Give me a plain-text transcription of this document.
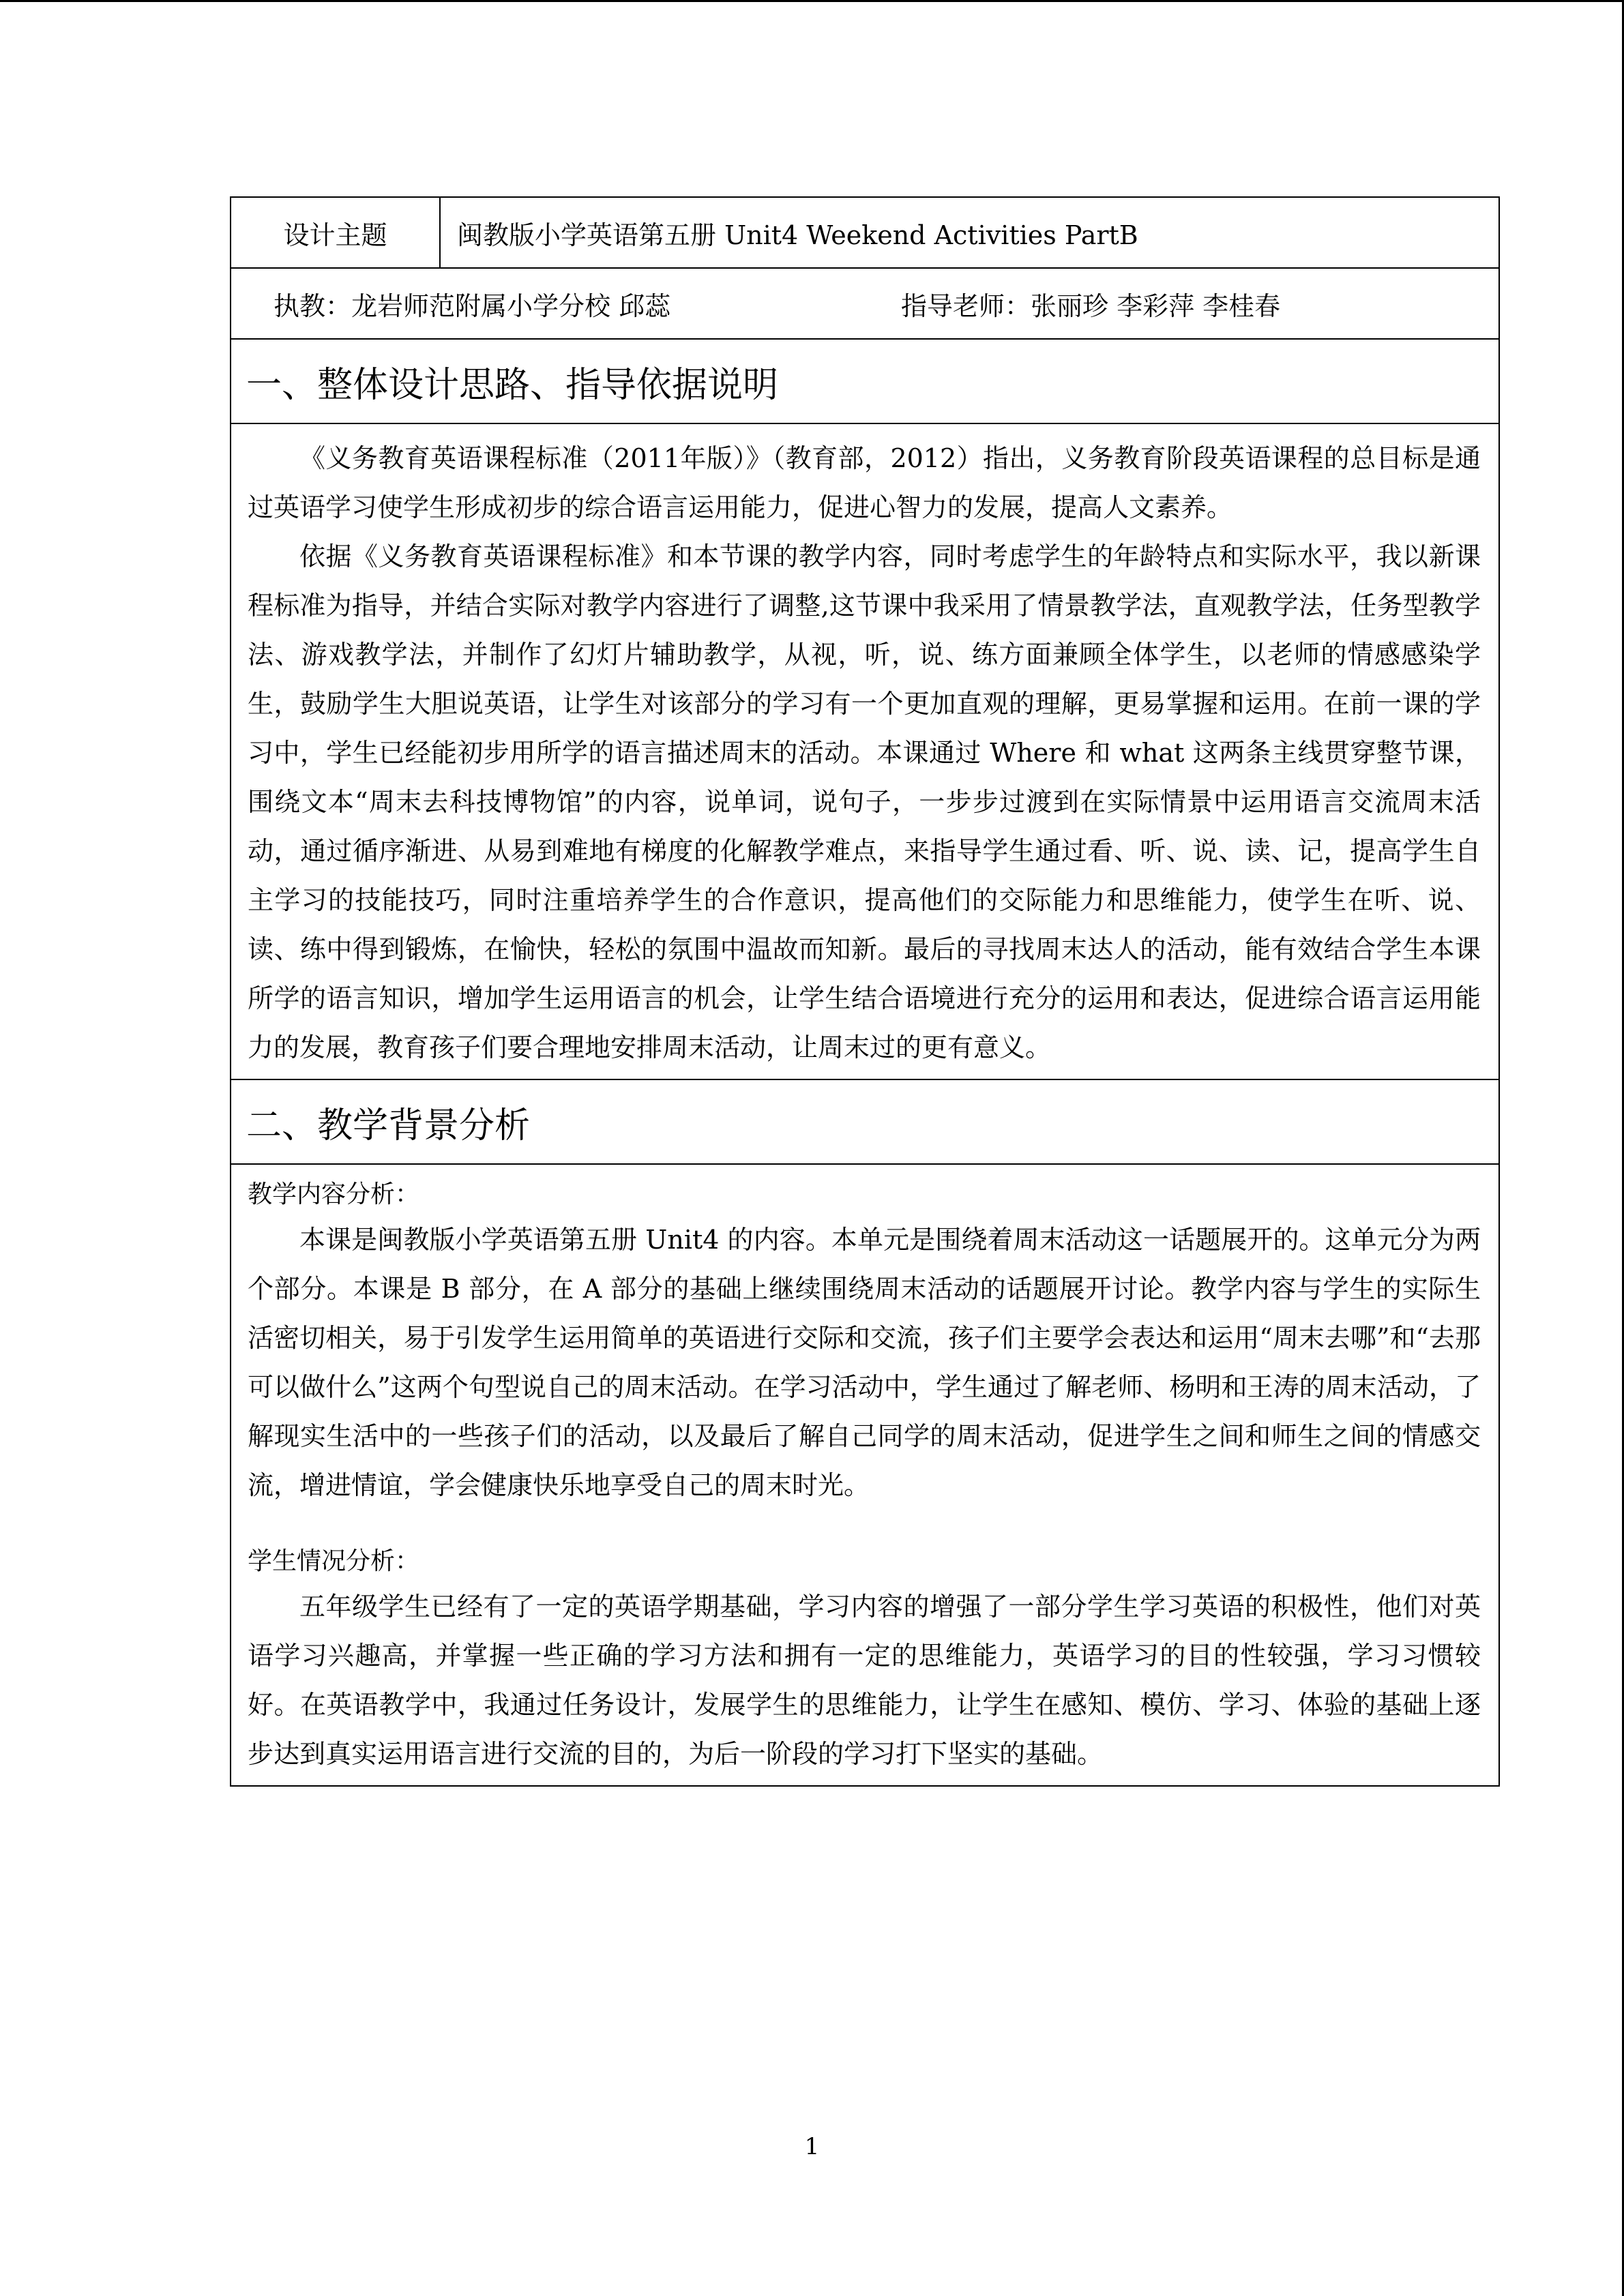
设计主题	闽教版小学英语第五册 Unit4 Weekend Activities PartB
执教：龙岩师范附属小学分校 邱蕊	指导老师：张丽珍 李彩萍 李桂春
一、整体设计思路、指导依据说明

《义务教育英语课程标准（2011年版）》（教育部，2012）指出，义务教育阶段英语课程的总目标是通过英语学习使学生形成初步的综合语言运用能力，促进心智力的发展，提高人文素养。

依据《义务教育英语课程标准》和本节课的教学内容，同时考虑学生的年龄特点和实际水平，我以新课程标准为指导，并结合实际对教学内容进行了调整,这节课中我采用了情景教学法，直观教学法，任务型教学法、游戏教学法，并制作了幻灯片辅助教学，从视，听，说、练方面兼顾全体学生，以老师的情感感染学生，鼓励学生大胆说英语，让学生对该部分的学习有一个更加直观的理解，更易掌握和运用。在前一课的学习中，学生已经能初步用所学的语言描述周末的活动。本课通过 Where 和 what 这两条主线贯穿整节课，围绕文本“周末去科技博物馆”的内容，说单词，说句子，一步步过渡到在实际情景中运用语言交流周末活动，通过循序渐进、从易到难地有梯度的化解教学难点，来指导学生通过看、听、说、读、记，提高学生自主学习的技能技巧，同时注重培养学生的合作意识，提高他们的交际能力和思维能力，使学生在听、说、读、练中得到锻炼，在愉快，轻松的氛围中温故而知新。最后的寻找周末达人的活动，能有效结合学生本课所学的语言知识，增加学生运用语言的机会，让学生结合语境进行充分的运用和表达，促进综合语言运用能力的发展，教育孩子们要合理地安排周末活动，让周末过的更有意义。

二、教学背景分析
教学内容分析：

本课是闽教版小学英语第五册 Unit4 的内容。本单元是围绕着周末活动这一话题展开的。这单元分为两个部分。本课是 B 部分，在 A 部分的基础上继续围绕周末活动的话题展开讨论。教学内容与学生的实际生活密切相关，易于引发学生运用简单的英语进行交际和交流，孩子们主要学会表达和运用“周末去哪”和“去那可以做什么”这两个句型说自己的周末活动。在学习活动中，学生通过了解老师、杨明和王涛的周末活动，了解现实生活中的一些孩子们的活动，以及最后了解自己同学的周末活动，促进学生之间和师生之间的情感交流，增进情谊，学会健康快乐地享受自己的周末时光。

学生情况分析：

五年级学生已经有了一定的英语学期基础，学习内容的增强了一部分学生学习英语的积极性，他们对英语学习兴趣高，并掌握一些正确的学习方法和拥有一定的思维能力，英语学习的目的性较强，学习习惯较好。在英语教学中，我通过任务设计，发展学生的思维能力，让学生在感知、模仿、学习、体验的基础上逐步达到真实运用语言进行交流的目的，为后一阶段的学习打下坚实的基础。

1
